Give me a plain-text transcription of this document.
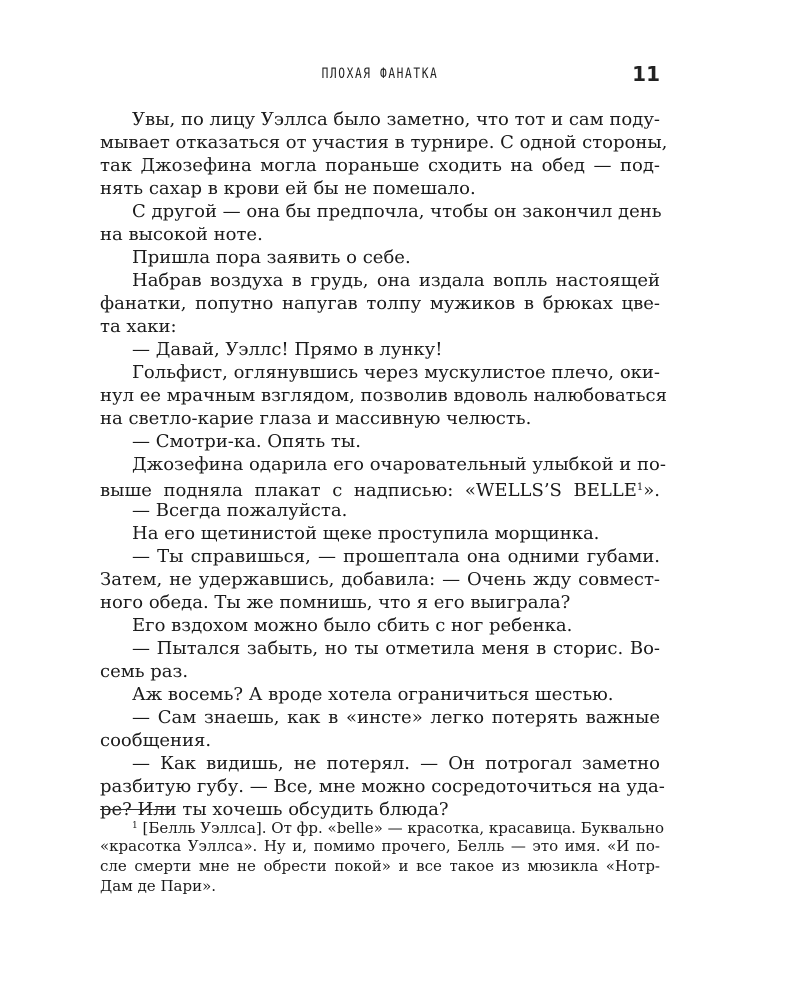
ПЛОХАЯ ФАНАТКА	11
Увы, по лицу Уэллса было заметно, что тот и сам поду-
мывает отказаться от участия в турнире. С одной стороны,
так Джозефина могла пораньше сходить на обед — под-
нять сахар в крови ей бы не помешало.
С другой — она бы предпочла, чтобы он закончил день
на высокой ноте.
Пришла пора заявить о себе.
Набрав воздуха в грудь, она издала вопль настоящей
фанатки, попутно напугав толпу мужиков в брюках цве-
та хаки:
— Давай, Уэллс! Прямо в лунку!
Гольфист, оглянувшись через мускулистое плечо, оки-
нул ее мрачным взглядом, позволив вдоволь налюбоваться
на светло-карие глаза и массивную челюсть.
— Смотри-ка. Опять ты.
Джозефина одарила его очаровательный улыбкой и по-
выше подняла плакат с надписью: «WELLS’S BELLE$^1$».
— Всегда пожалуйста.
На его щетинистой щеке проступила морщинка.
— Ты справишься, — прошептала она одними губами.
Затем, не удержавшись, добавила: — Очень жду совмест-
ного обеда. Ты же помнишь, что я его выиграла?
Его вздохом можно было сбить с ног ребенка.
— Пытался забыть, но ты отметила меня в сторис. Во-
семь раз.
Аж восемь? А вроде хотела ограничиться шестью.
— Сам знаешь, как в «инсте» легко потерять важные
сообщения.
— Как видишь, не потерял. — Он потрогал заметно
разбитую губу. — Все, мне можно сосредоточиться на уда-
ре? Или ты хочешь обсудить блюда?
$^1$ [Белль Уэллса]. От фр. «belle» — красотка, красавица. Буквально
«красотка Уэллса». Ну и, помимо прочего, Белль — это имя. «И по-
сле смерти мне не обрести покой» и все такое из мюзикла «Нотр-
Дам де Пари».
